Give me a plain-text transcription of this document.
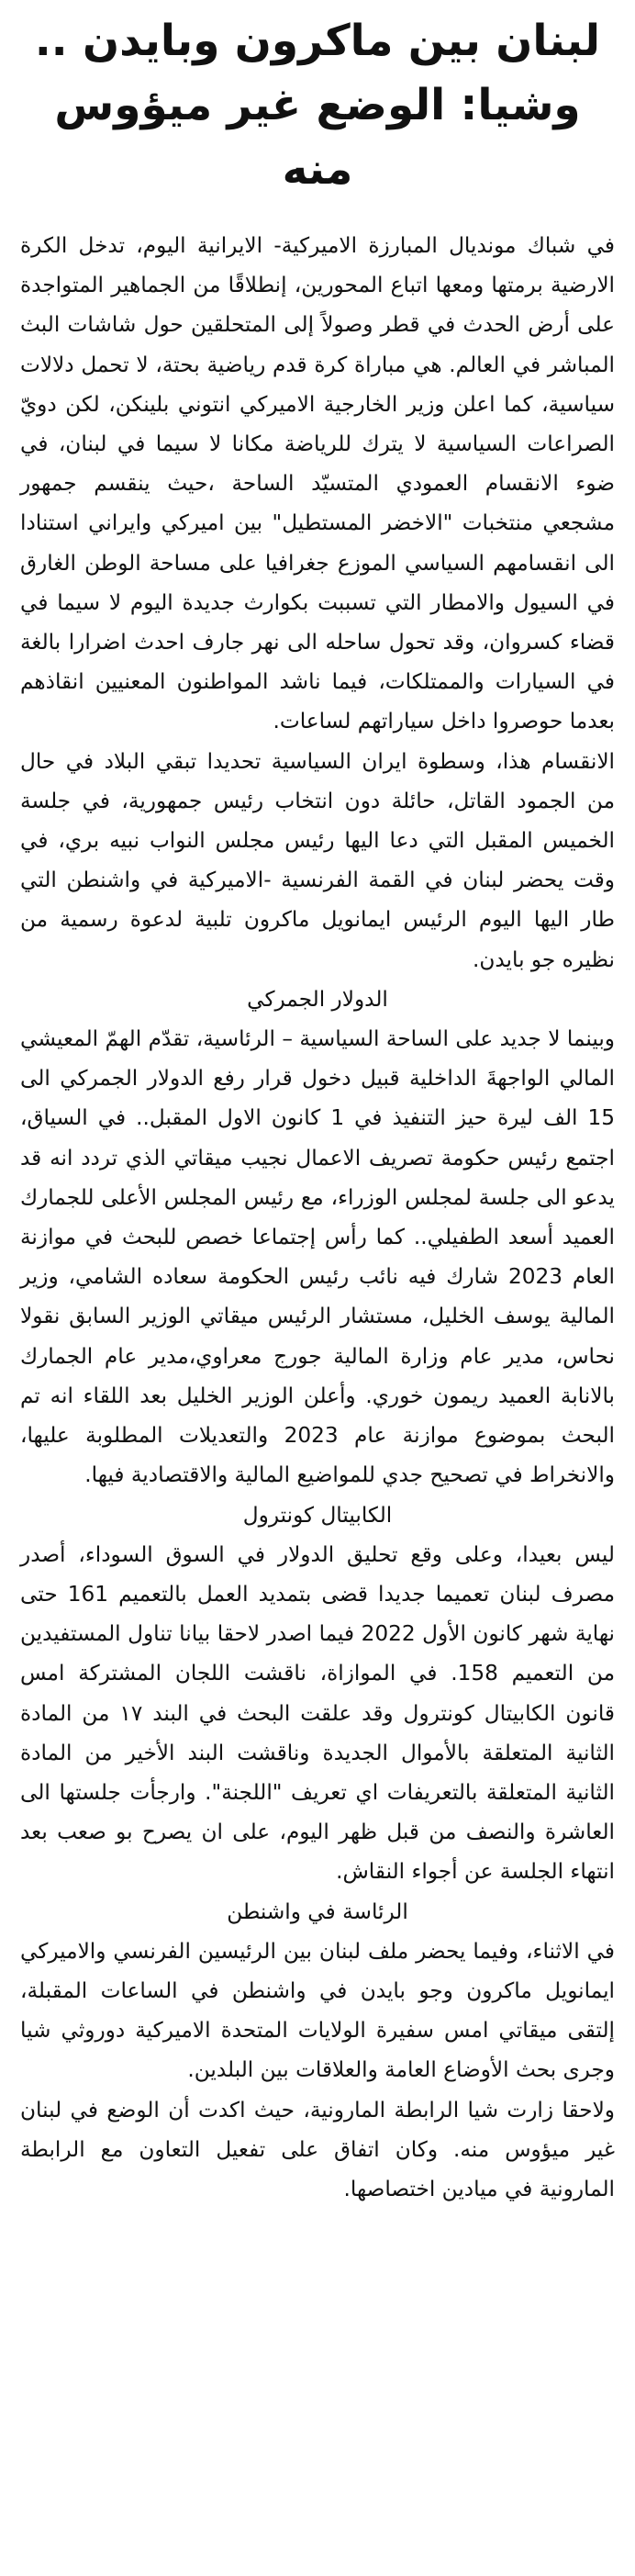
لبنان بين ماكرون وبايدن ..
وشيا: الوضع غير ميؤوس منه

في شباك مونديال المبارزة الاميركية- الايرانية اليوم، تدخل الكرة الارضية برمتها ومعها اتباع المحورين، إنطلاقًا من الجماهير المتواجدة على أرض الحدث في قطر وصولاً إلى المتحلقين حول شاشات البث المباشر في العالم. هي مباراة كرة قدم رياضية بحتة، لا تحمل دلالات سياسية، كما اعلن وزير الخارجية الاميركي انتوني بلينكن، لكن دويّ الصراعات السياسية لا يترك للرياضة مكانا لا سيما في لبنان، في ضوء الانقسام العمودي المتسيّد الساحة ،حيث ينقسم جمهور مشجعي منتخبات "الاخضر المستطيل" بين اميركي وايراني استنادا الى انقسامهم السياسي الموزع جغرافيا على مساحة الوطن الغارق في السيول والامطار التي تسببت بكوارث جديدة اليوم لا سيما في قضاء كسروان، وقد تحول ساحله الى نهر جارف احدث اضرارا بالغة في السيارات والممتلكات، فيما ناشد المواطنون المعنيين انقاذهم بعدما حوصروا داخل سياراتهم لساعات.

الانقسام هذا، وسطوة ايران السياسية تحديدا تبقي البلاد في حال من الجمود القاتل، حائلة دون انتخاب رئيس جمهورية، في جلسة الخميس المقبل التي دعا اليها رئيس مجلس النواب نبيه بري، في وقت يحضر لبنان في القمة الفرنسية -الاميركية في واشنطن التي طار اليها اليوم الرئيس ايمانويل ماكرون تلبية لدعوة رسمية من نظيره جو بايدن.

الدولار الجمركي

وبينما لا جديد على الساحة السياسية – الرئاسية، تقدّم الهمّ المعيشي المالي الواجهةَ الداخلية قبيل دخول قرار رفع الدولار الجمركي الى 15 الف ليرة حيز التنفيذ في 1 كانون الاول المقبل.. في السياق، اجتمع رئيس حكومة تصريف الاعمال نجيب ميقاتي الذي تردد انه قد يدعو الى جلسة لمجلس الوزراء، مع رئيس المجلس الأعلى للجمارك العميد أسعد الطفيلي.. كما رأس إجتماعا خصص للبحث في موازنة العام 2023 شارك فيه نائب رئيس الحكومة سعاده الشامي، وزير المالية يوسف الخليل، مستشار الرئيس ميقاتي الوزير السابق نقولا نحاس، مدير عام وزارة المالية جورج معراوي،مدير عام الجمارك بالانابة العميد ريمون خوري. وأعلن الوزير الخليل بعد اللقاء انه تم البحث بموضوع موازنة عام 2023 والتعديلات المطلوبة عليها، والانخراط في تصحيح جدي للمواضيع المالية والاقتصادية فيها.

الكابيتال كونترول

ليس بعيدا، وعلى وقع تحليق الدولار في السوق السوداء، أصدر مصرف لبنان تعميما جديدا قضى بتمديد العمل بالتعميم 161 حتى نهاية شهر كانون الأول 2022 فيما اصدر لاحقا بيانا تناول المستفيدين من التعميم 158. في الموازاة، ناقشت اللجان المشتركة امس قانون الكابيتال كونترول وقد علقت البحث في البند ١٧ من المادة الثانية المتعلقة بالأموال الجديدة وناقشت البند الأخير من المادة الثانية المتعلقة بالتعريفات اي تعريف "اللجنة". وارجأت جلستها الى العاشرة والنصف من قبل ظهر اليوم، على ان يصرح بو صعب بعد انتهاء الجلسة عن أجواء النقاش.

الرئاسة في واشنطن

في الاثناء، وفيما يحضر ملف لبنان بين الرئيسين الفرنسي والاميركي ايمانويل ماكرون وجو بايدن في واشنطن في الساعات المقبلة، إلتقى ميقاتي امس سفيرة الولايات المتحدة الاميركية دوروثي شيا وجرى بحث الأوضاع العامة والعلاقات بين البلدين.

ولاحقا زارت شيا الرابطة المارونية، حيث اكدت أن الوضع في لبنان غير ميؤوس منه. وكان اتفاق على تفعيل التعاون مع الرابطة المارونية في ميادين اختصاصها.
